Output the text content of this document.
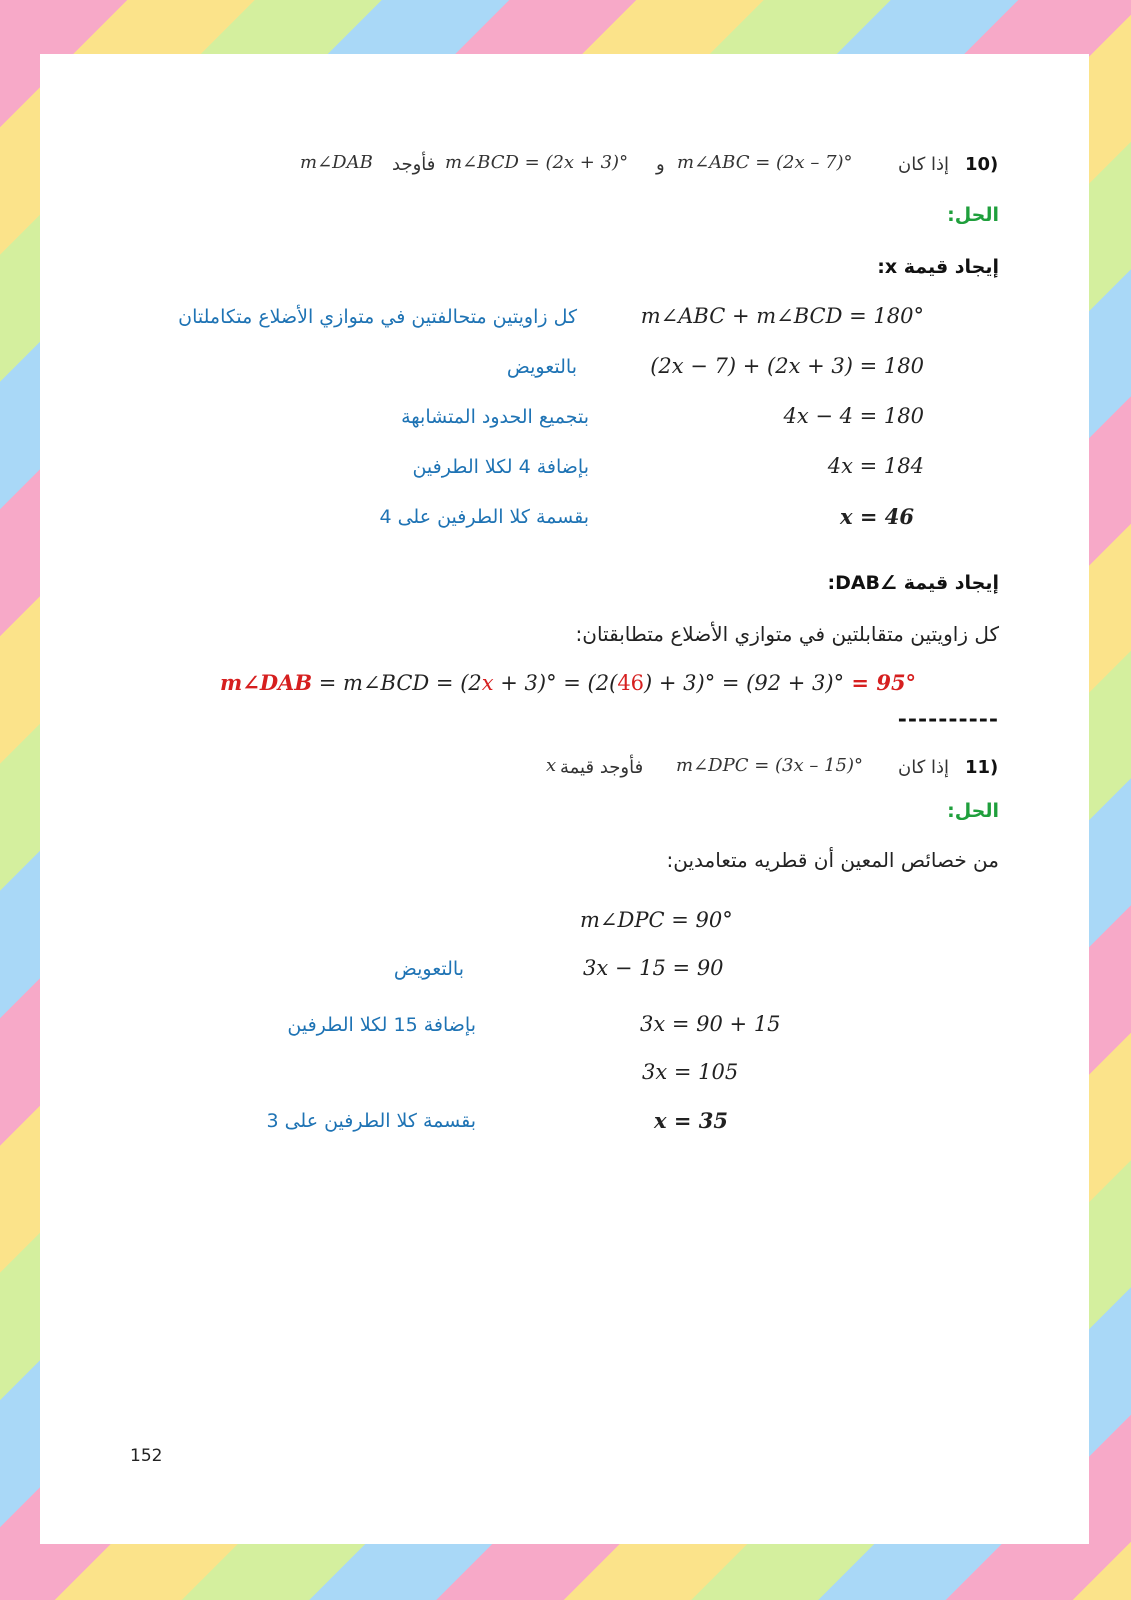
10)
إذا كان
m∠ABC = (2x – 7)°
و
m∠BCD = (2x + 3)°
فأوجد
m∠DAB
الحل:
إيجاد قيمة x:
m∠ABC + m∠BCD = 180°
كل زاويتين متحالفتين في متوازي الأضلاع متكاملتان
(2x − 7) + (2x + 3) = 180
بالتعويض
4x − 4 = 180
بتجميع الحدود المتشابهة
4x = 184
بإضافة 4 لكلا الطرفين
x = 46
بقسمة كلا الطرفين على 4
إيجاد قيمة ∠DAB:
كل زاويتين متقابلتين في متوازي الأضلاع متطابقتان:
m∠DAB = m∠BCD = (2x + 3)° = (2(46) + 3)° = (92 + 3)° = 95°
----------
11)
إذا كان
m∠DPC = (3x – 15)°
فأوجد قيمة
x
الحل:
من خصائص المعين أن قطريه متعامدين:
m∠DPC = 90°
3x − 15 = 90
بالتعويض
3x = 90 + 15
بإضافة 15 لكلا الطرفين
3x = 105
x = 35
بقسمة كلا الطرفين على 3
152
